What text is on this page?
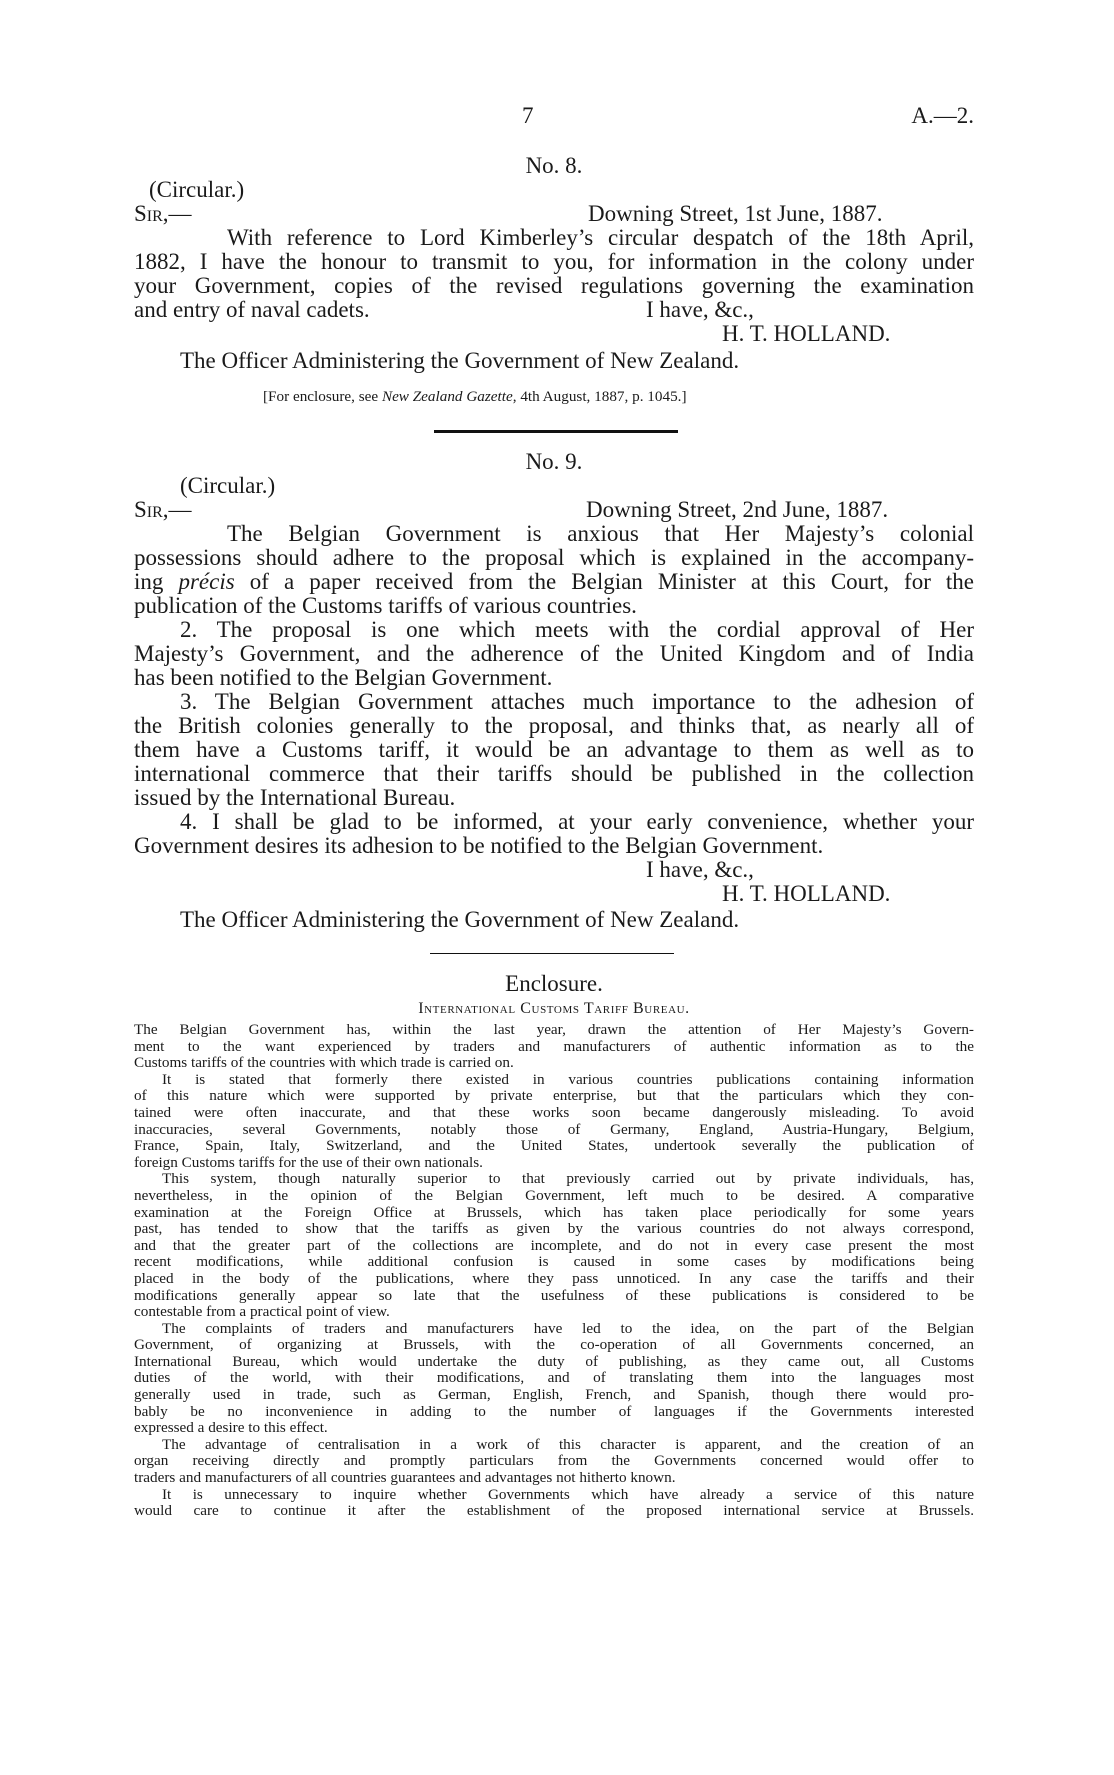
7	A.—2.
No. 8.
(Circular.)
Sir,—	Downing Street, 1st June, 1887.
With reference to Lord Kimberley’s circular despatch of the 18th April,
1882, I have the honour to transmit to you, for information in the colony under
your Government, copies of the revised regulations governing the examination
and entry of naval cadets.	I have, &c.,
H. T. HOLLAND.
The Officer Administering the Government of New Zealand.
[For enclosure, see New Zealand Gazette, 4th August, 1887, p. 1045.]
No. 9.
(Circular.)
Sir,—	Downing Street, 2nd June, 1887.
The Belgian Government is anxious that Her Majesty’s colonial
possessions should adhere to the proposal which is explained in the accompany-
ing précis of a paper received from the Belgian Minister at this Court, for the
publication of the Customs tariffs of various countries.
2. The proposal is one which meets with the cordial approval of Her
Majesty’s Government, and the adherence of the United Kingdom and of India
has been notified to the Belgian Government.
3. The Belgian Government attaches much importance to the adhesion of
the British colonies generally to the proposal, and thinks that, as nearly all of
them have a Customs tariff, it would be an advantage to them as well as to
international commerce that their tariffs should be published in the collection
issued by the International Bureau.
4. I shall be glad to be informed, at your early convenience, whether your
Government desires its adhesion to be notified to the Belgian Government.
I have, &c.,
H. T. HOLLAND.
The Officer Administering the Government of New Zealand.
Enclosure.
International Customs Tariff Bureau.
The Belgian Government has, within the last year, drawn the attention of Her Majesty’s Govern-
ment to the want experienced by traders and manufacturers of authentic information as to the
Customs tariffs of the countries with which trade is carried on.
It is stated that formerly there existed in various countries publications containing information
of this nature which were supported by private enterprise, but that the particulars which they con-
tained were often inaccurate, and that these works soon became dangerously misleading. To avoid
inaccuracies, several Governments, notably those of Germany, England, Austria-Hungary, Belgium,
France, Spain, Italy, Switzerland, and the United States, undertook severally the publication of
foreign Customs tariffs for the use of their own nationals.
This system, though naturally superior to that previously carried out by private individuals, has,
nevertheless, in the opinion of the Belgian Government, left much to be desired. A comparative
examination at the Foreign Office at Brussels, which has taken place periodically for some years
past, has tended to show that the tariffs as given by the various countries do not always correspond,
and that the greater part of the collections are incomplete, and do not in every case present the most
recent modifications, while additional confusion is caused in some cases by modifications being
placed in the body of the publications, where they pass unnoticed. In any case the tariffs and their
modifications generally appear so late that the usefulness of these publications is considered to be
contestable from a practical point of view.
The complaints of traders and manufacturers have led to the idea, on the part of the Belgian
Government, of organizing at Brussels, with the co-operation of all Governments concerned, an
International Bureau, which would undertake the duty of publishing, as they came out, all Customs
duties of the world, with their modifications, and of translating them into the languages most
generally used in trade, such as German, English, French, and Spanish, though there would pro-
bably be no inconvenience in adding to the number of languages if the Governments interested
expressed a desire to this effect.
The advantage of centralisation in a work of this character is apparent, and the creation of an
organ receiving directly and promptly particulars from the Governments concerned would offer to
traders and manufacturers of all countries guarantees and advantages not hitherto known.
It is unnecessary to inquire whether Governments which have already a service of this nature
would care to continue it after the establishment of the proposed international service at Brussels.
